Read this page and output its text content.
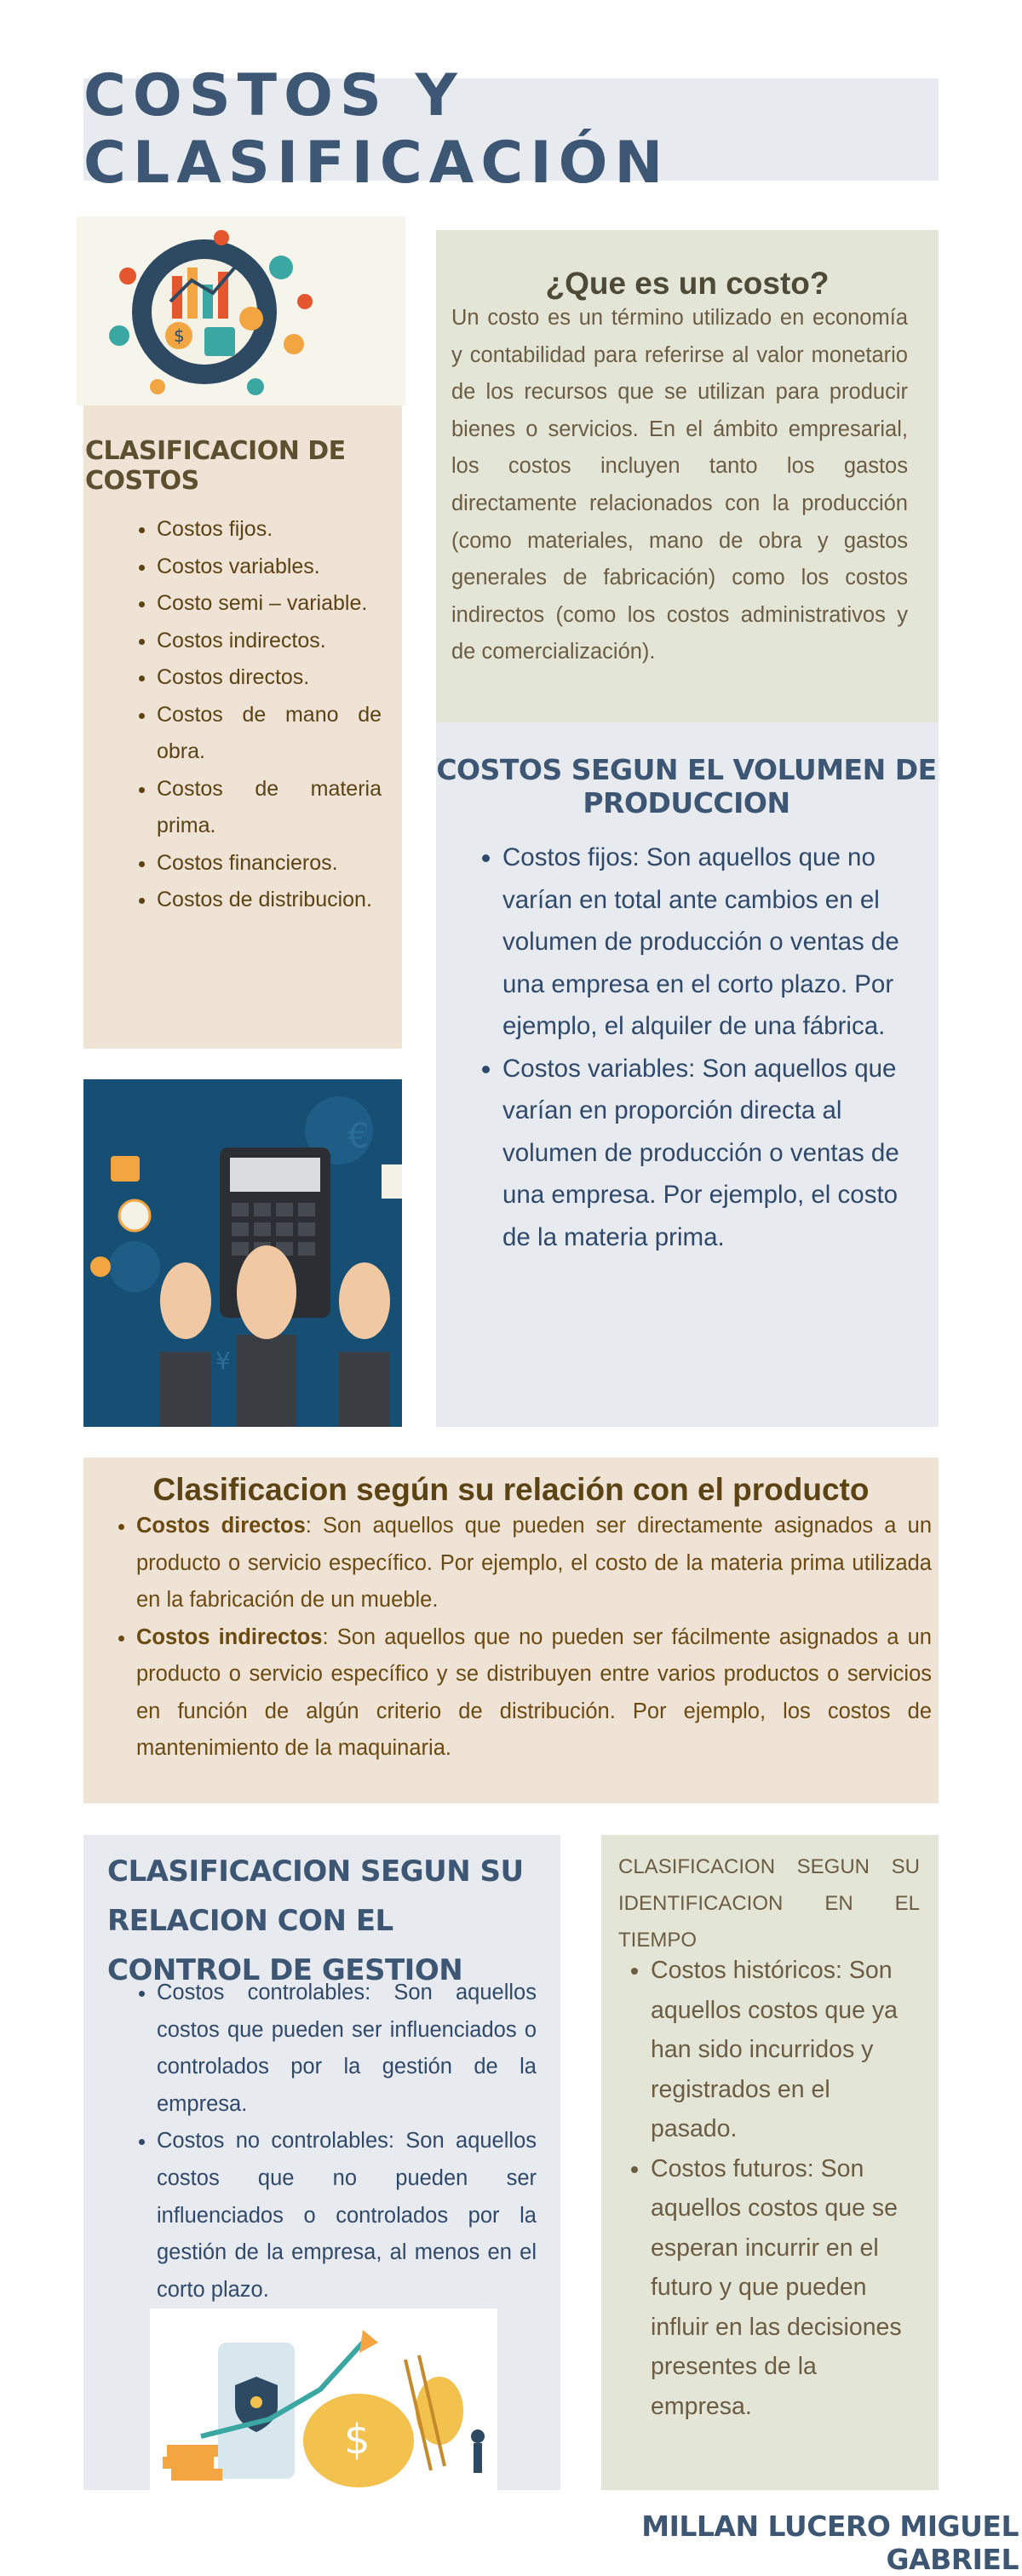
COSTOS Y CLASIFICACIÓN
$
CLASIFICACION DE COSTOS
• Costos fijos.
• Costos variables.
• Costo semi – variable.
• Costos indirectos.
• Costos directos.
• Costos de mano de obra.
• Costos de materia prima.
• Costos financieros.
• Costos de distribucion.
€
¥
¿Que es un costo?
Un costo es un término utilizado en economía y contabilidad para referirse al valor monetario de los recursos que se utilizan para producir bienes o servicios. En el ámbito empresarial, los costos incluyen tanto los gastos directamente relacionados con la producción (como materiales, mano de obra y gastos generales de fabricación) como los costos indirectos (como los costos administrativos y de comercialización).
COSTOS SEGUN EL VOLUMEN DE PRODUCCION
• Costos fijos: Son aquellos que no varían en total ante cambios en el volumen de producción o ventas de una empresa en el corto plazo. Por ejemplo, el alquiler de una fábrica.
• Costos variables: Son aquellos que varían en proporción directa al volumen de producción o ventas de una empresa. Por ejemplo, el costo de la materia prima.
Clasificacion según su relación con el producto
• Costos directos: Son aquellos que pueden ser directamente asignados a un producto o servicio específico. Por ejemplo, el costo de la materia prima utilizada en la fabricación de un mueble.
• Costos indirectos: Son aquellos que no pueden ser fácilmente asignados a un producto o servicio específico y se distribuyen entre varios productos o servicios en función de algún criterio de distribución. Por ejemplo, los costos de mantenimiento de la maquinaria.
CLASIFICACION SEGUN SU RELACION CON EL CONTROL DE GESTION
• Costos controlables: Son aquellos costos que pueden ser influenciados o controlados por la gestión de la empresa.
• Costos no controlables: Son aquellos costos que no pueden ser influenciados o controlados por la gestión de la empresa, al menos en el corto plazo.
$
CLASIFICACION SEGUN SU IDENTIFICACION EN EL TIEMPO
• Costos históricos: Son aquellos costos que ya han sido incurridos y registrados en el pasado.
• Costos futuros: Son aquellos costos que se esperan incurrir en el futuro y que pueden influir en las decisiones presentes de la empresa.
MILLAN LUCERO MIGUEL GABRIEL
